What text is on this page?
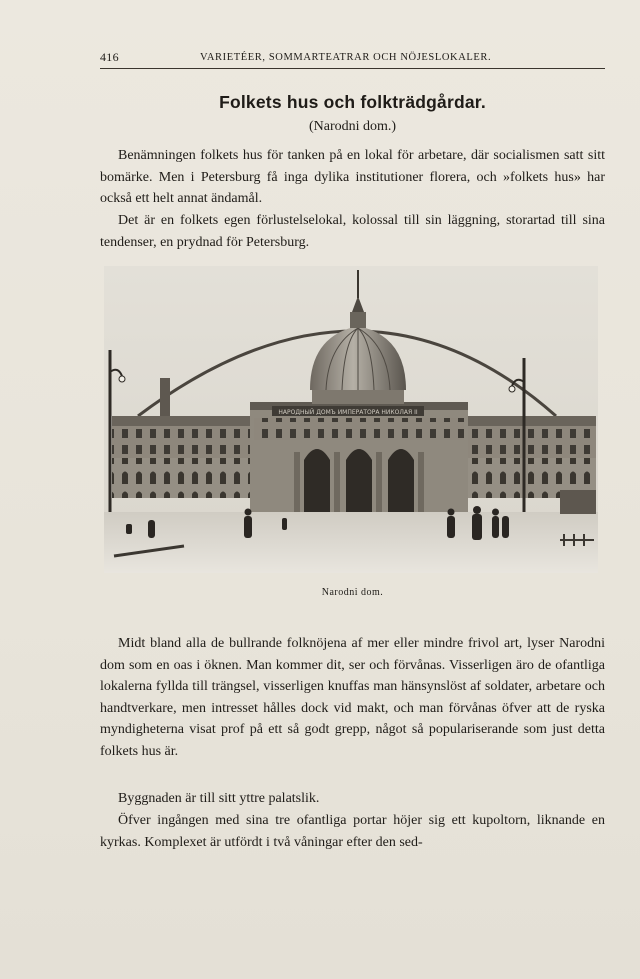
416	VARIETÉER, SOMMARTEATRAR OCH NÖJESLOKALER.
Folkets hus och folkträdgårdar.
(Narodni dom.)

Benämningen folkets hus för tanken på en lokal för arbetare, där socialismen satt sitt bomärke. Men i Petersburg få inga dylika institutioner florera, och »folkets hus» har också ett helt annat ändamål.

Det är en folkets egen förlustelselokal, kolossal till sin läggning, storartad till sina tendenser, en prydnad för Petersburg.

НАРОДНЫЙ ДОМЪ ИМПЕРАТОРА НИКОЛАЯ II
Narodni dom.

Midt bland alla de bullrande folknöjena af mer eller mindre frivol art, lyser Narodni dom som en oas i öknen. Man kommer dit, ser och förvånas. Visserligen äro de ofantliga lokalerna fyllda till trängsel, visserligen knuffas man hänsynslöst af soldater, arbetare och handtverkare, men intresset hålles dock vid makt, och man förvånas öfver att de ryska myndigheterna visat prof på ett så godt grepp, något så populariserande som just detta folkets hus är.

Byggnaden är till sitt yttre palatslik.

Öfver ingången med sina tre ofantliga portar höjer sig ett kupoltorn, liknande en kyrkas. Komplexet är utfördt i två våningar efter den sed-
